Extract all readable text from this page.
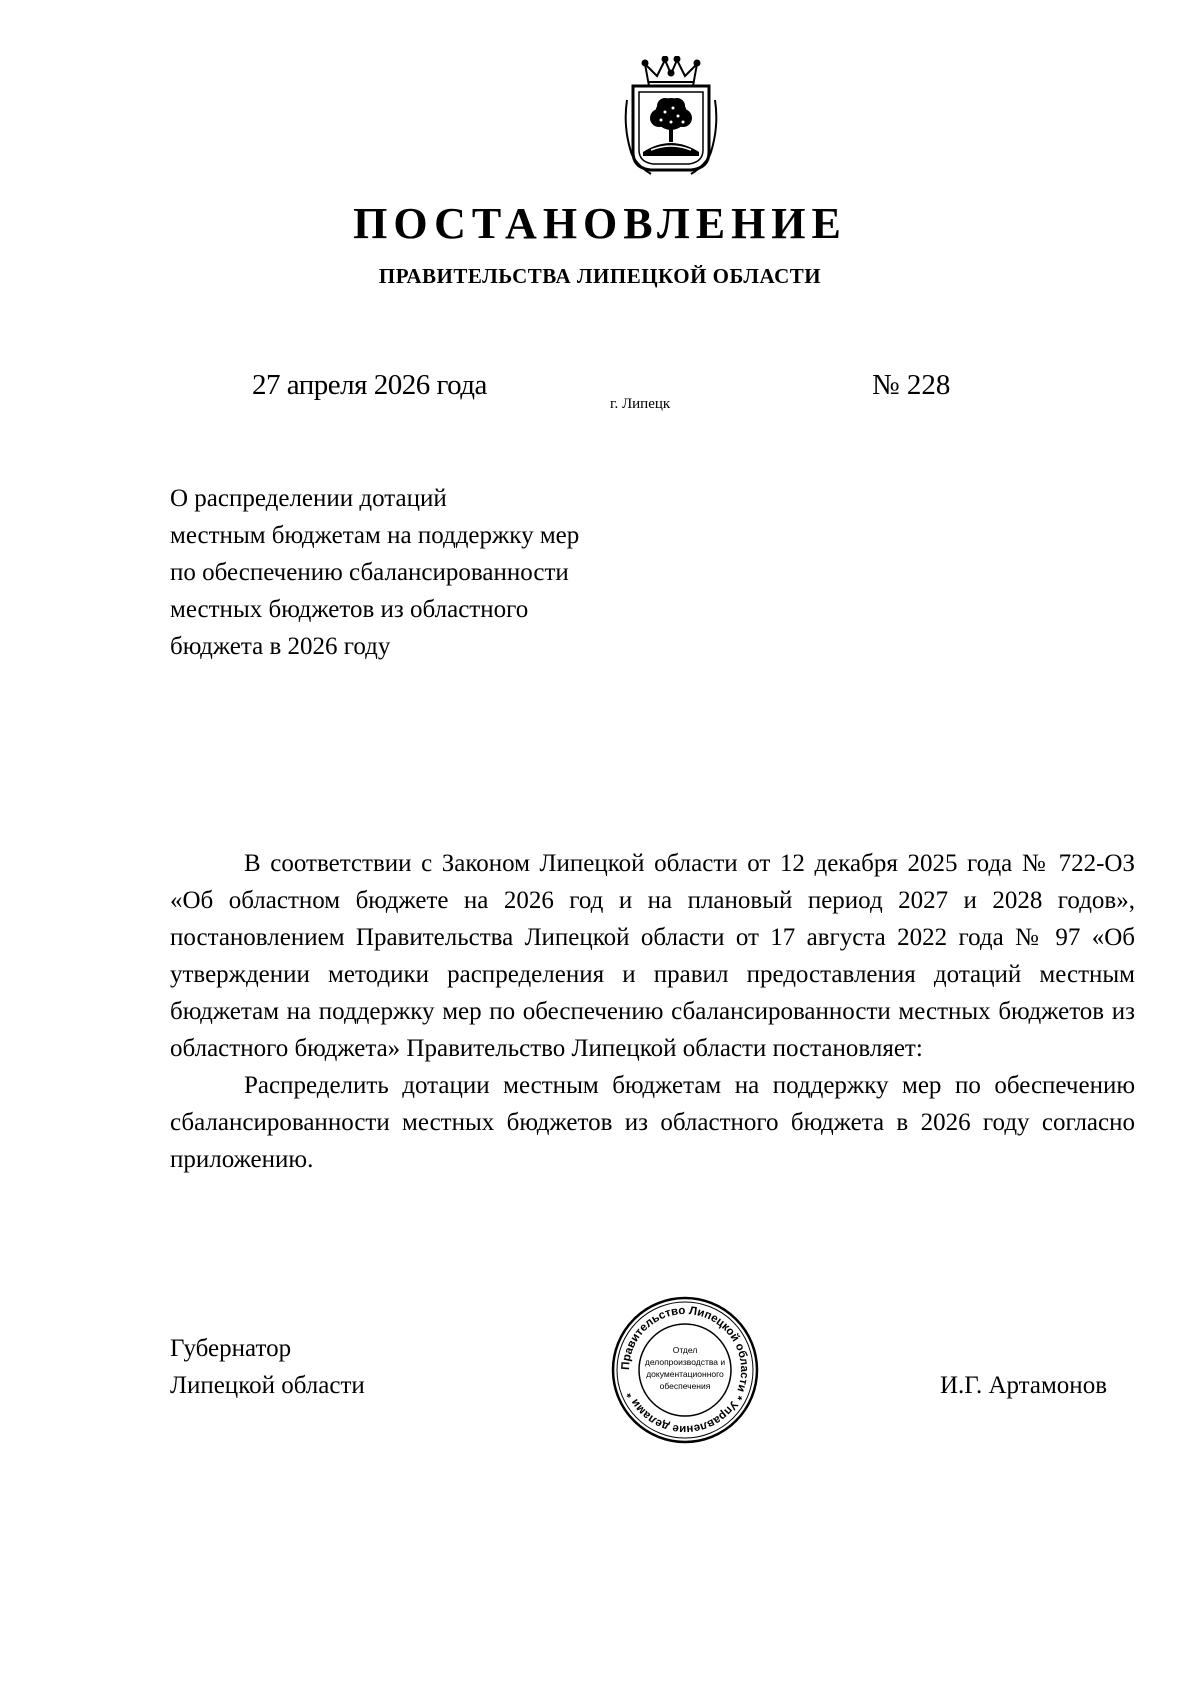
ПОСТАНОВЛЕНИЕ
ПРАВИТЕЛЬСТВА ЛИПЕЦКОЙ ОБЛАСТИ
27 апреля 2026 года
г. Липецк
№ 228
О распределении дотаций
местным бюджетам на поддержку мер
по обеспечению сбалансированности
местных бюджетов из областного
бюджета в 2026 году

В соответствии с Законом Липецкой области от 12 декабря 2025 года № 722-ОЗ «Об областном бюджете на 2026 год и на плановый период 2027 и 2028 годов», постановлением Правительства Липецкой области от 17 августа 2022 года № 97 «Об утверждении методики распределения и правил предоставления дотаций местным бюджетам на поддержку мер по обеспечению сбалансированности местных бюджетов из областного бюджета» Правительство Липецкой области постановляет:

Распределить дотации местным бюджетам на поддержку мер по обеспечению сбалансированности местных бюджетов из областного бюджета в 2026 году согласно приложению.

Губернатор
Липецкой области
Правительство Липецкой области * Управление делами *
Отдел
делопроизводства и
документационного
обеспечения	И.Г. Артамонов
